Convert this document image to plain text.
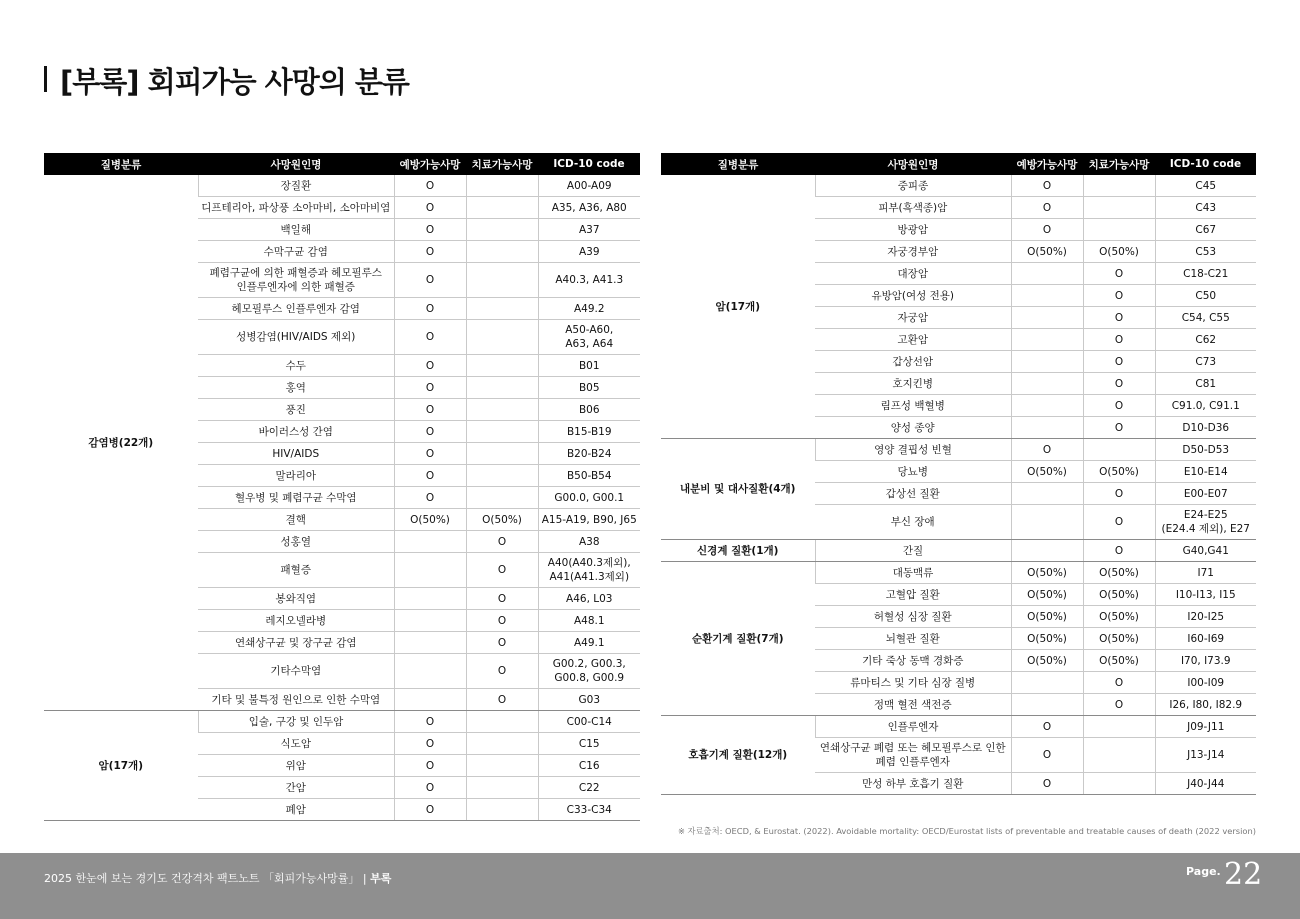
[부록] 회피가능 사망의 분류
질병분류	사망원인명	예방가능사망	치료가능사망	ICD-10 code
감염병(22개)	장질환	O		A00-A09
	디프테리아, 파상풍 소아마비, 소아마비염	O		A35, A36, A80
	백일해	O		A37
	수막구균 감염	O		A39
	폐렴구균에 의한 패혈증과 헤모필루스
인플루엔자에 의한 패혈증	O		A40.3, A41.3
	헤모필루스 인플루엔자 감염	O		A49.2
	성병감염(HIV/AIDS 제외)	O		A50-A60,
A63, A64
	수두	O		B01
	홍역	O		B05
	풍진	O		B06
	바이러스성 간염	O		B15-B19
	HIV/AIDS	O		B20-B24
	말라리아	O		B50-B54
	혈우병 및 폐렴구균 수막염	O		G00.0, G00.1
	결핵	O(50%)	O(50%)	A15-A19, B90, J65
	성홍열		O	A38
	패혈증		O	A40(A40.3제외),
A41(A41.3제외)
	봉와직염		O	A46, L03
	레지오넬라병		O	A48.1
	연쇄상구균 및 장구균 감염		O	A49.1
	기타수막염		O	G00.2, G00.3,
G00.8, G00.9
	기타 및 불특정 원인으로 인한 수막염		O	G03
암(17개)	입술, 구강 및 인두암	O		C00-C14
	식도암	O		C15
	위암	O		C16
	간암	O		C22
	폐암	O		C33-C34
질병분류	사망원인명	예방가능사망	치료가능사망	ICD-10 code
암(17개)	중피종	O		C45
	피부(흑색종)암	O		C43
	방광암	O		C67
	자궁경부암	O(50%)	O(50%)	C53
	대장암		O	C18-C21
	유방암(여성 전용)		O	C50
	자궁암		O	C54, C55
	고환암		O	C62
	갑상선암		O	C73
	호지킨병		O	C81
	림프성 백혈병		O	C91.0, C91.1
	양성 종양		O	D10-D36
내분비 및 대사질환(4개)	영양 결핍성 빈혈	O		D50-D53
	당뇨병	O(50%)	O(50%)	E10-E14
	갑상선 질환		O	E00-E07
	부신 장애		O	E24-E25
(E24.4 제외), E27
신경계 질환(1개)	간질		O	G40,G41
순환기계 질환(7개)	대동맥류	O(50%)	O(50%)	I71
	고혈압 질환	O(50%)	O(50%)	I10-I13, I15
	허혈성 심장 질환	O(50%)	O(50%)	I20-I25
	뇌혈관 질환	O(50%)	O(50%)	I60-I69
	기타 죽상 동맥 경화증	O(50%)	O(50%)	I70, I73.9
	류마티스 및 기타 심장 질병		O	I00-I09
	정맥 혈전 색전증		O	I26, I80, I82.9
호흡기계 질환(12개)	인플루엔자	O		J09-J11
	연쇄상구균 폐렴 또는 헤모필루스로 인한
폐렴 인플루엔자	O		J13-J14
	만성 하부 호흡기 질환	O		J40-J44
※ 자료출처: OECD, & Eurostat. (2022). Avoidable mortality: OECD/Eurostat lists of preventable and treatable causes of death (2022 version)
2025 한눈에 보는 경기도 건강격차 팩트노트 「회피가능사망률」 | 부록
Page. 22
